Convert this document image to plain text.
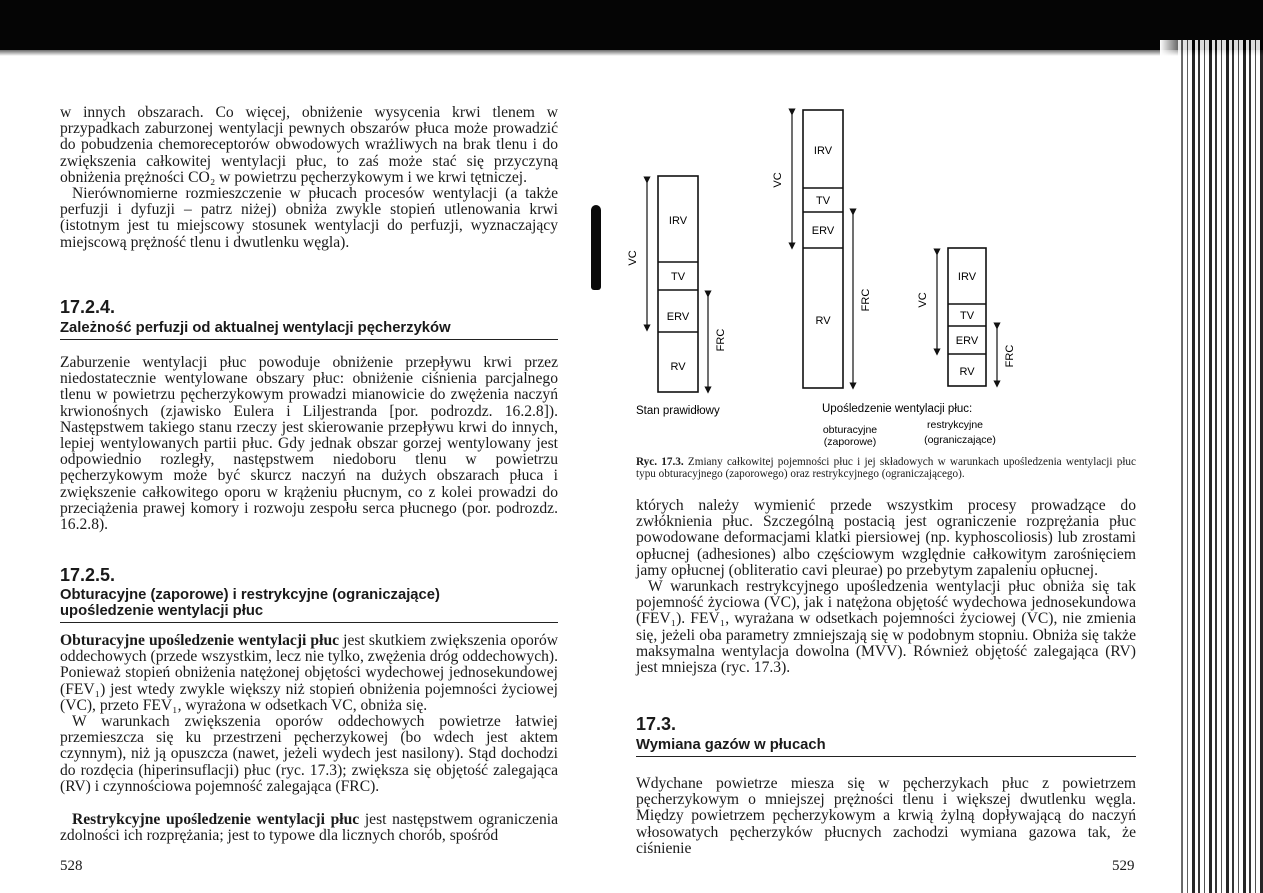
w innych obszarach. Co więcej, obniżenie wysycenia krwi tlenem w przypadkach zaburzonej wentylacji pewnych obszarów płuca może prowadzić do pobudzenia chemoreceptorów obwodowych wrażliwych na brak tlenu i do zwiększenia całkowitej wentylacji płuc, to zaś może stać się przyczyną obniżenia prężności CO₂ w powietrzu pęcherzykowym i we krwi tętniczej.
Nierównomierne rozmieszczenie w płucach procesów wentylacji (a także perfuzji i dyfuzji – patrz niżej) obniża zwykle stopień utlenowania krwi (istotnym jest tu miejscowy stosunek wentylacji do perfuzji, wyznaczający miejscową prężność tlenu i dwutlenku węgla).
17.2.4.
Zależność perfuzji od aktualnej wentylacji pęcherzyków
Zaburzenie wentylacji płuc powoduje obniżenie przepływu krwi przez niedostatecznie wentylowane obszary płuc: obniżenie ciśnienia parcjalnego tlenu w powietrzu pęcherzykowym prowadzi mianowicie do zwężenia naczyń krwionośnych (zjawisko Eulera i Liljestranda [por. podrozdz. 16.2.8]). Następstwem takiego stanu rzeczy jest skierowanie przepływu krwi do innych, lepiej wentylowanych partii płuc. Gdy jednak obszar gorzej wentylowany jest odpowiednio rozległy, następstwem niedoboru tlenu w powietrzu pęcherzykowym może być skurcz naczyń na dużych obszarach płuca i zwiększenie całkowitego oporu w krążeniu płucnym, co z kolei prowadzi do przeciążenia prawej komory i rozwoju zespołu serca płucnego (por. podrozdz. 16.2.8).
17.2.5.
Obturacyjne (zaporowe) i restrykcyjne (ograniczające)
upośledzenie wentylacji płuc
Obturacyjne upośledzenie wentylacji płuc jest skutkiem zwiększenia oporów oddechowych (przede wszystkim, lecz nie tylko, zwężenia dróg oddechowych). Ponieważ stopień obniżenia natężonej objętości wydechowej jednosekundowej (FEV₁) jest wtedy zwykle większy niż stopień obniżenia pojemności życiowej (VC), przeto FEV₁, wyrażona w odsetkach VC, obniża się.
W warunkach zwiększenia oporów oddechowych powietrze łatwiej przemieszcza się ku przestrzeni pęcherzykowej (bo wdech jest aktem czynnym), niż ją opuszcza (nawet, jeżeli wydech jest nasilony). Stąd dochodzi do rozdęcia (hiperinsuflacji) płuc (ryc. 17.3); zwiększa się objętość zalegająca (RV) i czynnościowa pojemność zalegająca (FRC).
Restrykcyjne upośledzenie wentylacji płuc jest następstwem ograniczenia zdolności ich rozprężania; jest to typowe dla licznych chorób, spośród
528
IRV
TV
ERV
RV
VC
FRC
IRV
TV
ERV
RV
VC
FRC
IRV
TV
ERV
RV
VC
FRC
Stan prawidłowy	Upośledzenie wentylacji płuc:
obturacyjne
(zaporowe)
restrykcyjne
(ograniczające)
Ryc. 17.3. Zmiany całkowitej pojemności płuc i jej składowych w warunkach upośledzenia wentylacji płuc typu obturacyjnego (zaporowego) oraz restrykcyjnego (ograniczającego).
których należy wymienić przede wszystkim procesy prowadzące do zwłóknienia płuc. Szczególną postacią jest ograniczenie rozprężania płuc powodowane deformacjami klatki piersiowej (np. kyphoscoliosis) lub zrostami opłucnej (adhesiones) albo częściowym względnie całkowitym zarośnięciem jamy opłucnej (obliteratio cavi pleurae) po przebytym zapaleniu opłucnej.
W warunkach restrykcyjnego upośledzenia wentylacji płuc obniża się tak pojemność życiowa (VC), jak i natężona objętość wydechowa jednosekundowa (FEV₁). FEV₁, wyrażana w odsetkach pojemności życiowej (VC), nie zmienia się, jeżeli oba parametry zmniejszają się w podobnym stopniu. Obniża się także maksymalna wentylacja dowolna (MVV). Również objętość zalegająca (RV) jest mniejsza (ryc. 17.3).
17.3.
Wymiana gazów w płucach
Wdychane powietrze miesza się w pęcherzykach płuc z powietrzem pęcherzykowym o mniejszej prężności tlenu i większej dwutlenku węgla. Między powietrzem pęcherzykowym a krwią żylną dopływającą do naczyń włosowatych pęcherzyków płucnych zachodzi wymiana gazowa tak, że ciśnienie
529
